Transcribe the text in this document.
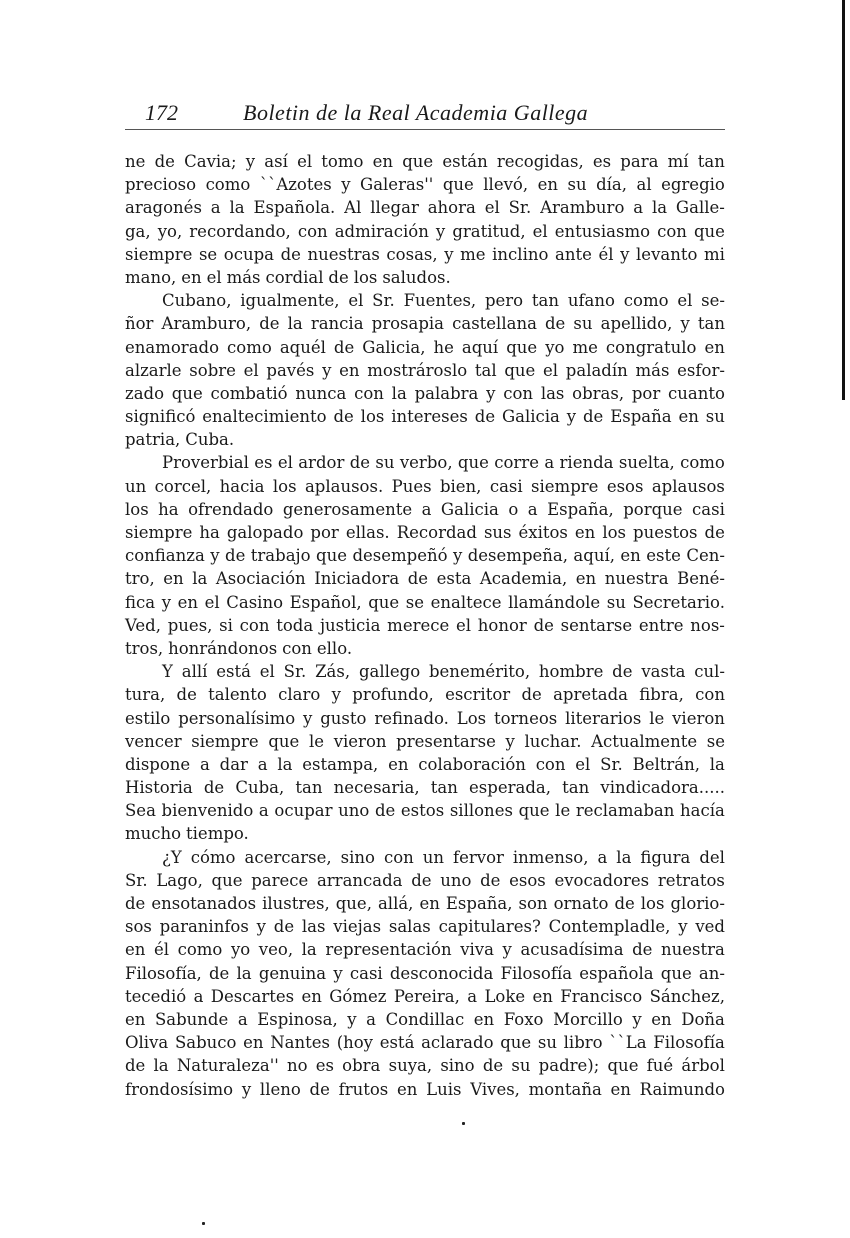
172	Boletin de la Real Academia Gallega
ne de Cavia; y así el tomo en que están recogidas, es para mí tan
precioso como ``Azotes y Galeras'' que llevó, en su día, al egregio
aragonés a la Española. Al llegar ahora el Sr. Aramburo a la Galle-
ga, yo, recordando, con admiración y gratitud, el entusiasmo con que
siempre se ocupa de nuestras cosas, y me inclino ante él y levanto mi
mano, en el más cordial de los saludos.
Cubano, igualmente, el Sr. Fuentes, pero tan ufano como el se-
ñor Aramburo, de la rancia prosapia castellana de su apellido, y tan
enamorado como aquél de Galicia, he aquí que yo me congratulo en
alzarle sobre el pavés y en mostrároslo tal que el paladín más esfor-
zado que combatió nunca con la palabra y con las obras, por cuanto
significó enaltecimiento de los intereses de Galicia y de España en su
patria, Cuba.
Proverbial es el ardor de su verbo, que corre a rienda suelta, como
un corcel, hacia los aplausos. Pues bien, casi siempre esos aplausos
los ha ofrendado generosamente a Galicia o a España, porque casi
siempre ha galopado por ellas. Recordad sus éxitos en los puestos de
confianza y de trabajo que desempeñó y desempeña, aquí, en este Cen-
tro, en la Asociación Iniciadora de esta Academia, en nuestra Bené-
fica y en el Casino Español, que se enaltece llamándole su Secretario.
Ved, pues, si con toda justicia merece el honor de sentarse entre nos-
tros, honrándonos con ello.
Y allí está el Sr. Zás, gallego benemérito, hombre de vasta cul-
tura, de talento claro y profundo, escritor de apretada fibra, con
estilo personalísimo y gusto refinado. Los torneos literarios le vieron
vencer siempre que le vieron presentarse y luchar. Actualmente se
dispone a dar a la estampa, en colaboración con el Sr. Beltrán, la
Historia de Cuba, tan necesaria, tan esperada, tan vindicadora.....
Sea bienvenido a ocupar uno de estos sillones que le reclamaban hacía
mucho tiempo.
¿Y cómo acercarse, sino con un fervor inmenso, a la figura del
Sr. Lago, que parece arrancada de uno de esos evocadores retratos
de ensotanados ilustres, que, allá, en España, son ornato de los glorio-
sos paraninfos y de las viejas salas capitulares? Contempladle, y ved
en él como yo veo, la representación viva y acusadísima de nuestra
Filosofía, de la genuina y casi desconocida Filosofía española que an-
tecedió a Descartes en Gómez Pereira, a Loke en Francisco Sánchez,
en Sabunde a Espinosa, y a Condillac en Foxo Morcillo y en Doña
Oliva Sabuco en Nantes (hoy está aclarado que su libro ``La Filosofía
de la Naturaleza'' no es obra suya, sino de su padre); que fué árbol
frondosísimo y lleno de frutos en Luis Vives, montaña en Raimundo
